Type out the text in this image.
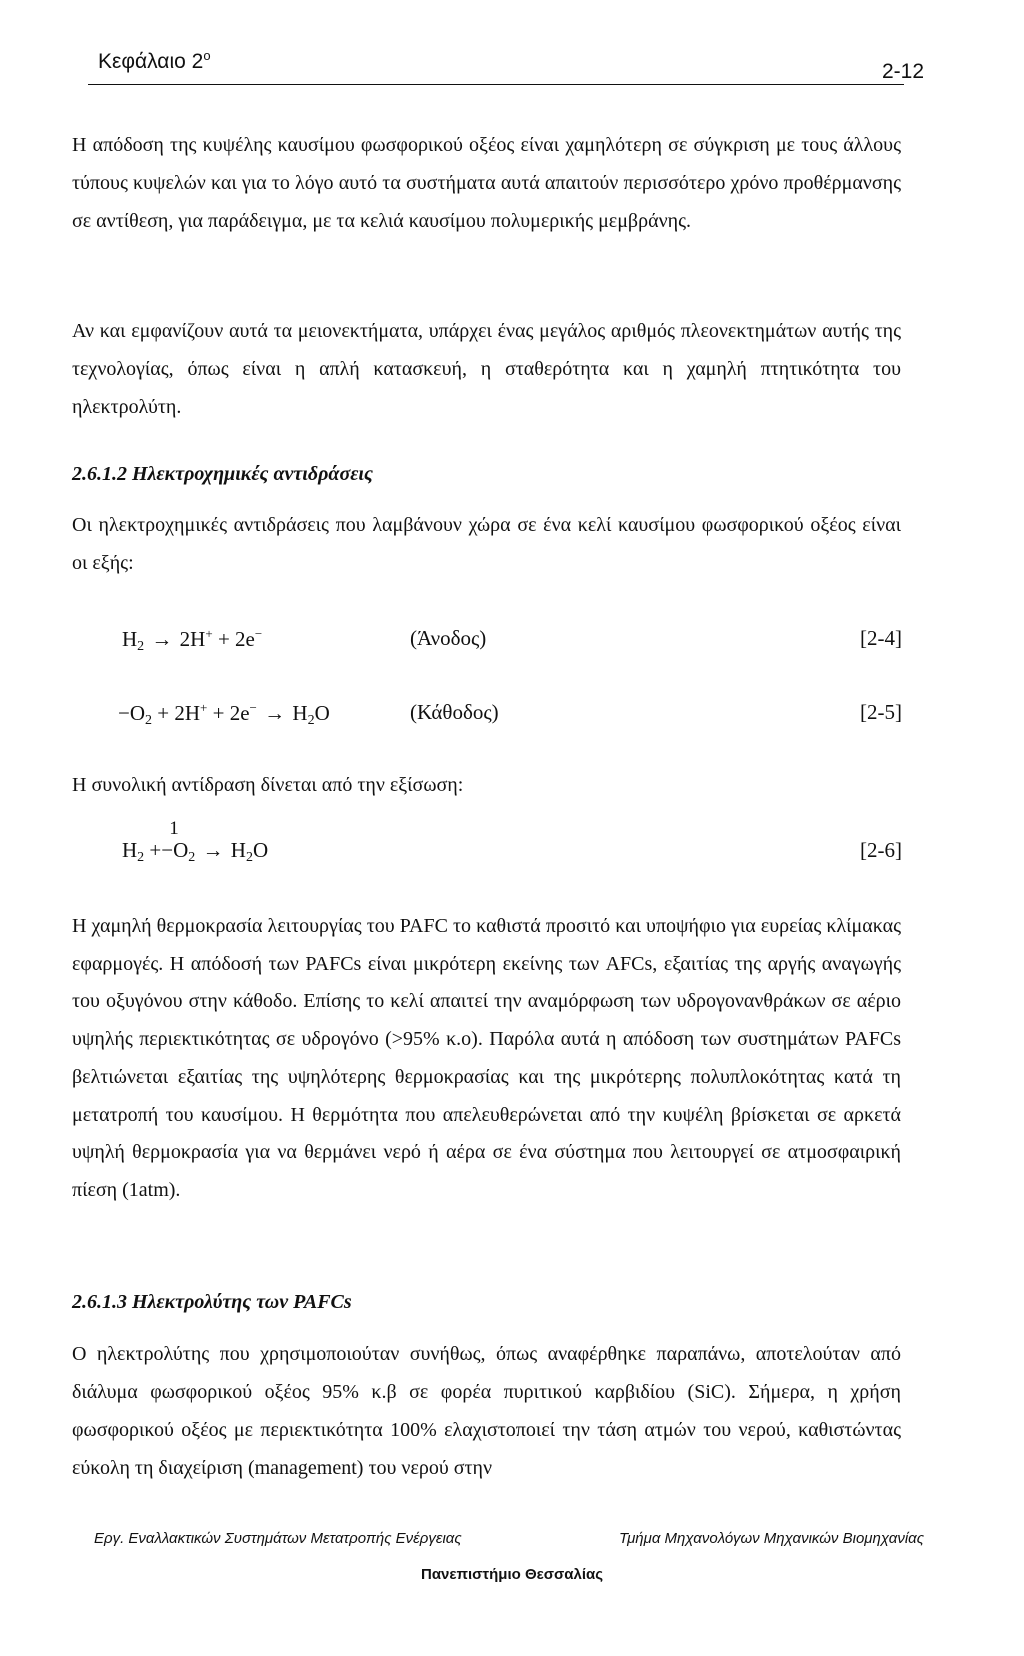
Κεφάλαιο $2^o$
2-12

Η απόδοση της κυψέλης καυσίμου φωσφορικού οξέος είναι χαμηλότερη σε σύγκριση με τους άλλους τύπους κυψελών και για το λόγο αυτό τα συστήματα αυτά απαιτούν περισσότερο χρόνο προθέρμανσης σε αντίθεση, για παράδειγμα, με τα κελιά καυσίμου πολυμερικής μεμβράνης.

Αν και εμφανίζουν αυτά τα μειονεκτήματα, υπάρχει ένας μεγάλος αριθμός πλεονεκτημάτων αυτής της τεχνολογίας, όπως είναι η απλή κατασκευή, η σταθερότητα και η χαμηλή πτητικότητα του ηλεκτρολύτη.

2.6.1.2 Ηλεκτροχημικές αντιδράσεις

Οι ηλεκτροχημικές αντιδράσεις που λαμβάνουν χώρα σε ένα κελί καυσίμου φωσφορικού οξέος είναι οι εξής:

$H_2 \to 2H^+ + 2e^-$	(Άνοδος)	[2-4]
$-O_2 + 2H^+ + 2e^- \to H_2O$	(Κάθοδος)	[2-5]

Η συνολική αντίδραση δίνεται από την εξίσωση:

$H_2$ +
1
$-O_2 \to H_2O$	[2-6]

Η χαμηλή θερμοκρασία λειτουργίας του PAFC το καθιστά προσιτό και υποψήφιο για ευρείας κλίμακας εφαρμογές. Η απόδοσή των PAFCs είναι μικρότερη εκείνης των AFCs, εξαιτίας της αργής αναγωγής του οξυγόνου στην κάθοδο. Επίσης το κελί απαιτεί την αναμόρφωση των υδρογονανθράκων σε αέριο υψηλής περιεκτικότητας σε υδρογόνο (>95% κ.ο). Παρόλα αυτά η απόδοση των συστημάτων PAFCs βελτιώνεται εξαιτίας της υψηλότερης θερμοκρασίας και της μικρότερης πολυπλοκότητας κατά τη μετατροπή του καυσίμου. Η θερμότητα που απελευθερώνεται από την κυψέλη βρίσκεται σε αρκετά υψηλή θερμοκρασία για να θερμάνει νερό ή αέρα σε ένα σύστημα που λειτουργεί σε ατμοσφαιρική πίεση (1atm).

2.6.1.3 Ηλεκτρολύτης των PAFCs

Ο ηλεκτρολύτης που χρησιμοποιούταν συνήθως, όπως αναφέρθηκε παραπάνω, αποτελούταν από διάλυμα φωσφορικού οξέος 95% κ.β σε φορέα πυριτικού καρβιδίου (SiC). Σήμερα, η χρήση φωσφορικού οξέος με περιεκτικότητα 100% ελαχιστοποιεί την τάση ατμών του νερού, καθιστώντας εύκολη τη διαχείριση (management) του νερού στην

Εργ. Εναλλακτικών Συστημάτων Μετατροπής Ενέργειας	Τμήμα Μηχανολόγων Μηχανικών Βιομηχανίας
Πανεπιστήμιο Θεσσαλίας
